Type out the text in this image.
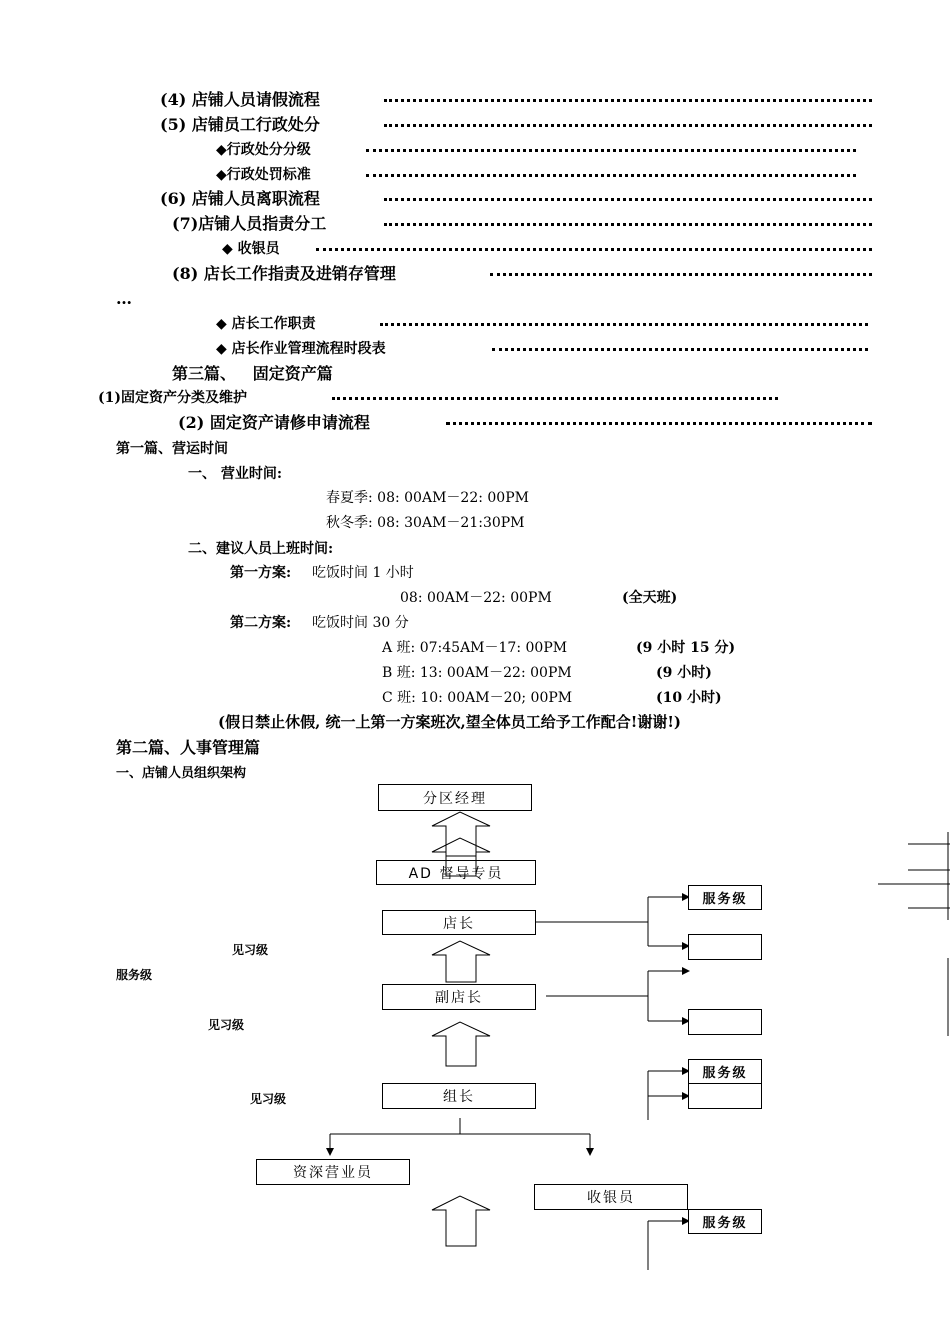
(4) 店铺人员请假流程
(5) 店铺员工行政处分
◆行政处分分级
◆行政处罚标准
(6) 店铺人员离职流程
(7)店铺人员指责分工
◆ 收银员
(8) 店长工作指责及进销存管理
…
◆ 店长工作职责
◆ 店长作业管理流程时段表
第三篇、   固定资产篇
(1)固定资产分类及维护
(2) 固定资产请修申请流程
第一篇、营运时间
一、 营业时间:
春夏季: 08: 00AM－22: 00PM
秋冬季: 08: 30AM－21:30PM
二、建议人员上班时间:
第一方案: 吃饭时间 1 小时
08: 00AM－22: 00PM	(全天班)
第二方案: 吃饭时间 30 分
A 班: 07:45AM－17: 00PM	(9 小时 15 分)
B 班: 13: 00AM－22: 00PM	(9 小时)
C 班: 10: 00AM－20; 00PM	(10 小时)
(假日禁止休假, 统一上第一方案班次,望全体员工给予工作配合!谢谢!)
第二篇、人事管理篇
一、店铺人员组织架构
分区经理
AD 督导专员
店长
副店长
组长
资深营业员
收银员
服务级
服务级
服务级
见习级
服务级
见习级
见习级
